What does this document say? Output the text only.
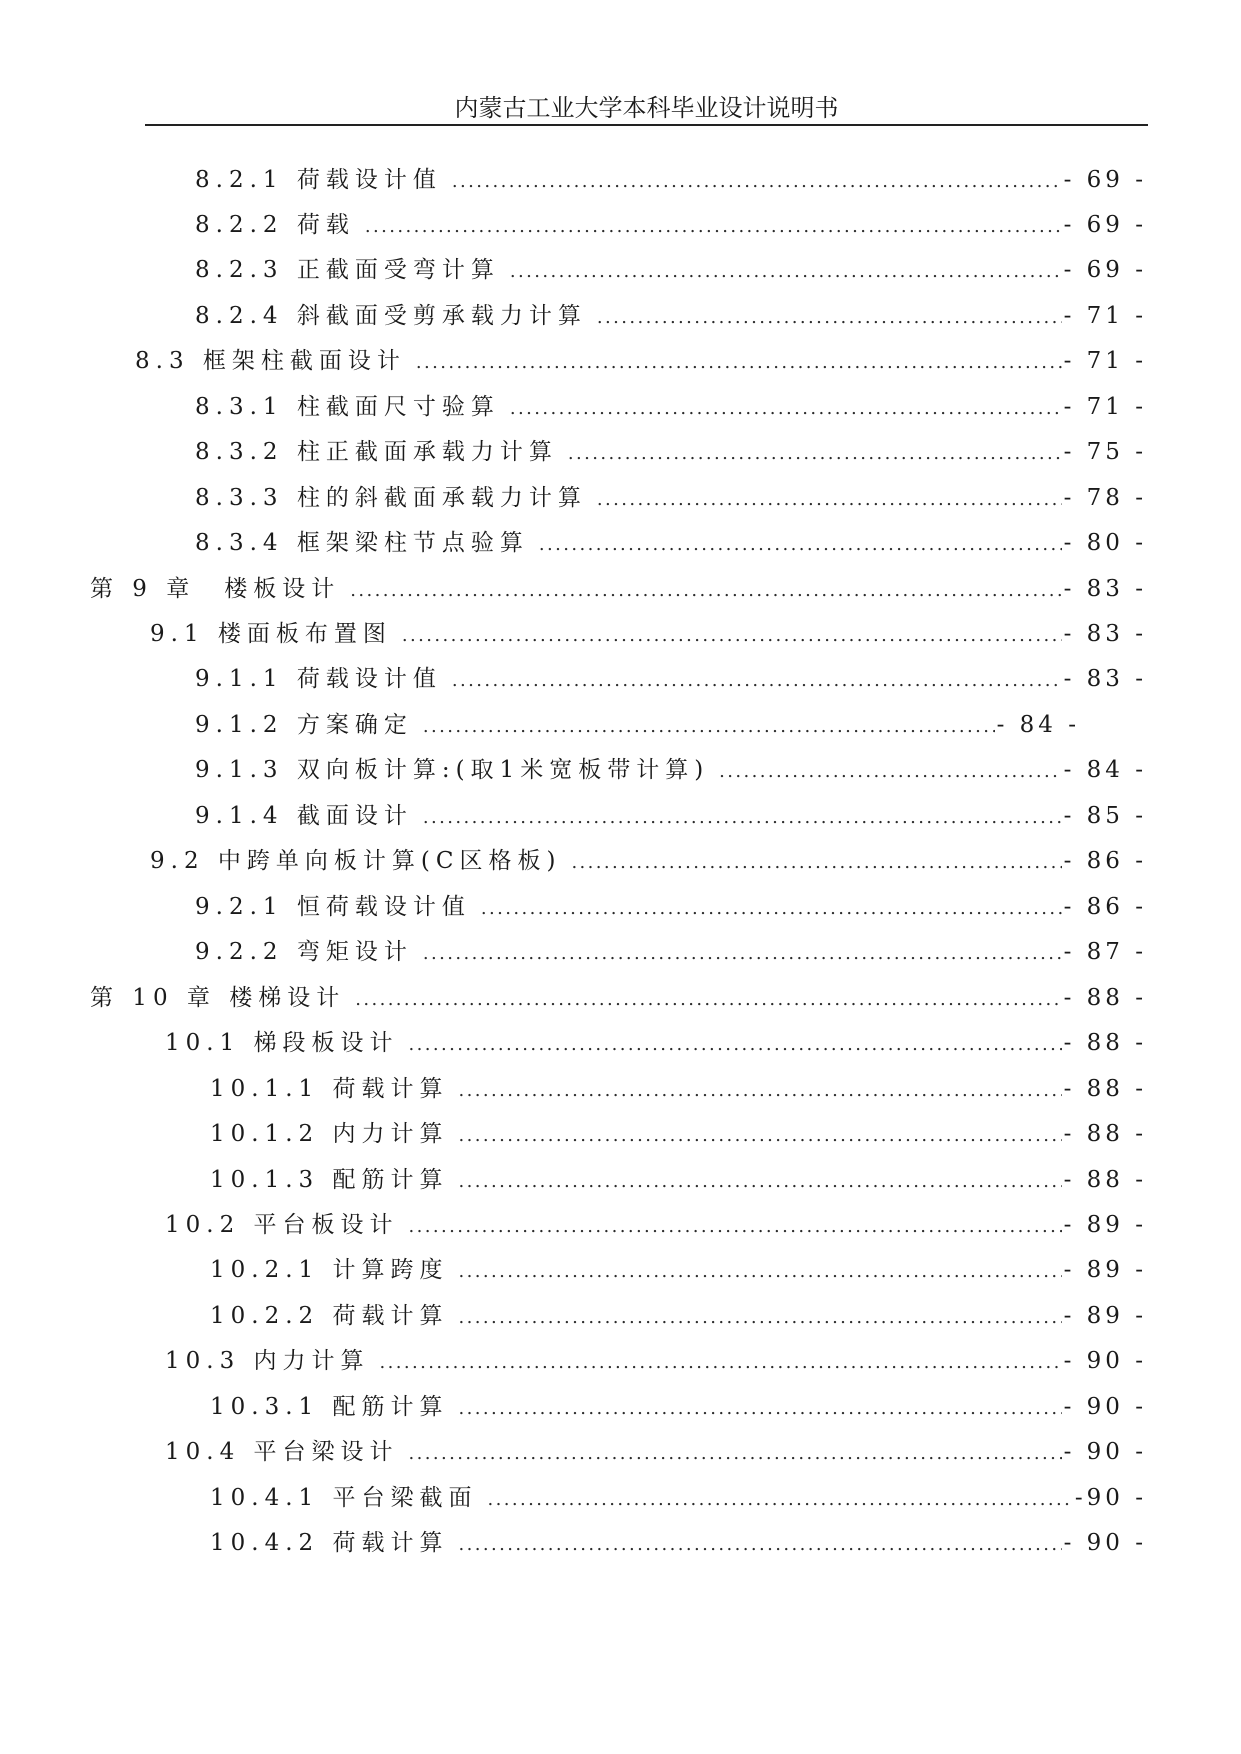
内蒙古工业大学本科毕业设计说明书
8.2.1 荷载设计值 .....	- 69 -
8.2.2 荷载 .....	- 69 -
8.2.3 正截面受弯计算 .....	- 69 -
8.2.4 斜截面受剪承载力计算 .....	- 71 -
8.3 框架柱截面设计 .....	- 71 -
8.3.1 柱截面尺寸验算 .....	- 71 -
8.3.2 柱正截面承载力计算 .....	- 75 -
8.3.3 柱的斜截面承载力计算 .....	- 78 -
8.3.4 框架梁柱节点验算 .....	- 80 -
第 9 章　楼板设计 .....	- 83 -
9.1 楼面板布置图 .....	- 83 -
9.1.1 荷载设计值 .....	- 83 -
9.1.2 方案确定 .....	- 84 -
9.1.3 双向板计算:(取1米宽板带计算) .....	- 84 -
9.1.4 截面设计 .....	- 85 -
9.2 中跨单向板计算(C区格板) .....	- 86 -
9.2.1 恒荷载设计值 .....	- 86 -
9.2.2 弯矩设计 .....	- 87 -
第 10 章 楼梯设计 .....	- 88 -
10.1 梯段板设计 .....	- 88 -
10.1.1 荷载计算 .....	- 88 -
10.1.2 内力计算 .....	- 88 -
10.1.3 配筋计算 .....	- 88 -
10.2 平台板设计 .....	- 89 -
10.2.1 计算跨度 .....	- 89 -
10.2.2 荷载计算 .....	- 89 -
10.3 内力计算 .....	- 90 -
10.3.1 配筋计算 .....	- 90 -
10.4 平台梁设计 .....	- 90 -
10.4.1 平台梁截面 .....	-90 -
10.4.2 荷载计算 .....	- 90 -
